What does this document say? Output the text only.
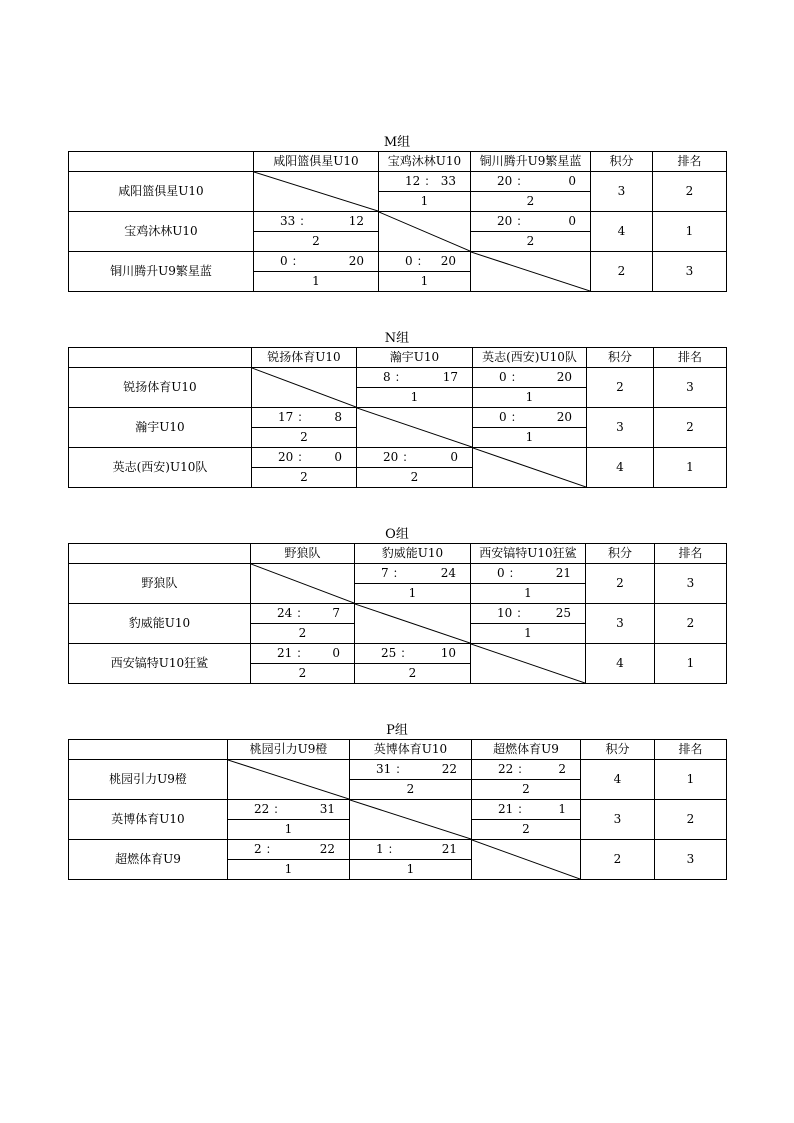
M组
	咸阳篮俱星U10	宝鸡沐林U10	铜川腾升U9繁星蓝	积分	排名
咸阳篮俱星U10		12 ： 33	20 ： 0	3	2
		1	2		
宝鸡沐林U10	33 ： 12		20 ： 0	4	1
	2		2		
铜川腾升U9繁星蓝	0 ： 20	0 ： 20		2	3
	1	1			
N组
	锐扬体育U10	瀚宇U10	英志(西安)U10队	积分	排名
锐扬体育U10		8 ： 17	0 ： 20	2	3
		1	1		
瀚宇U10	17 ： 8		0 ： 20	3	2
	2		1		
英志(西安)U10队	20 ： 0	20 ： 0		4	1
	2	2			
O组
	野狼队	豹威能U10	西安镐特U10狂鲨	积分	排名
野狼队		7 ： 24	0 ： 21	2	3
		1	1		
豹威能U10	24 ： 7		10 ： 25	3	2
	2		1		
西安镐特U10狂鲨	21 ： 0	25 ： 10		4	1
	2	2			
P组
	桃园引力U9橙	英博体育U10	超燃体育U9	积分	排名
桃园引力U9橙		31 ： 22	22 ： 2	4	1
		2	2		
英博体育U10	22 ： 31		21 ： 1	3	2
	1		2		
超燃体育U9	2 ： 22	1 ： 21		2	3
	1	1			
